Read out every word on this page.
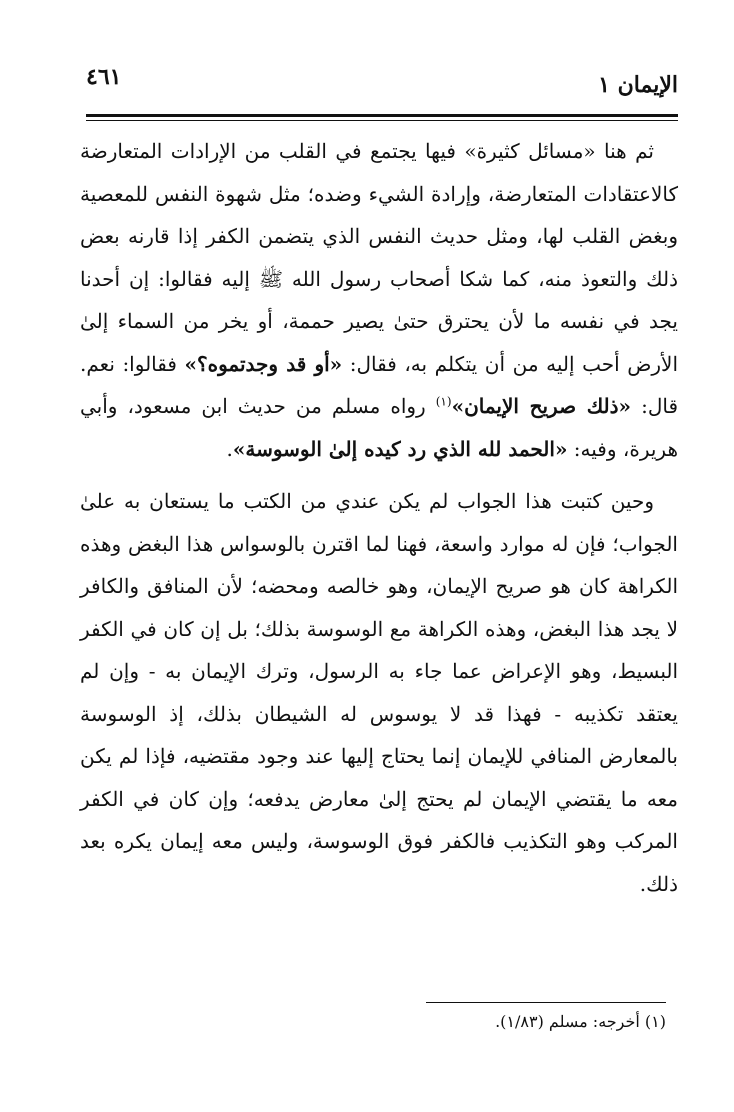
الإيمان ١
٤٦١

ثم هنا «مسائل كثيرة» فيها يجتمع في القلب من الإرادات المتعارضة كالاعتقادات المتعارضة، وإرادة الشيء وضده؛ مثل شهوة النفس للمعصية وبغض القلب لها، ومثل حديث النفس الذي يتضمن الكفر إذا قارنه بعض ذلك والتعوذ منه، كما شكا أصحاب رسول الله ﷺ إليه فقالوا: إن أحدنا يجد في نفسه ما لأن يحترق حتىٰ يصير حممة، أو يخر من السماء إلىٰ الأرض أحب إليه من أن يتكلم به، فقال: «أو قد وجدتموه؟» فقالوا: نعم. قال: «ذلك صريح الإيمان»$^{(١)}$ رواه مسلم من حديث ابن مسعود، وأبي هريرة، وفيه: «الحمد لله الذي رد كيده إلىٰ الوسوسة».

وحين كتبت هذا الجواب لم يكن عندي من الكتب ما يستعان به علىٰ الجواب؛ فإن له موارد واسعة، فهنا لما اقترن بالوسواس هذا البغض وهذه الكراهة كان هو صريح الإيمان، وهو خالصه ومحضه؛ لأن المنافق والكافر لا يجد هذا البغض، وهذه الكراهة مع الوسوسة بذلك؛ بل إن كان في الكفر البسيط، وهو الإعراض عما جاء به الرسول، وترك الإيمان به - وإن لم يعتقد تكذيبه - فهذا قد لا يوسوس له الشيطان بذلك، إذ الوسوسة بالمعارض المنافي للإيمان إنما يحتاج إليها عند وجود مقتضيه، فإذا لم يكن معه ما يقتضي الإيمان لم يحتج إلىٰ معارض يدفعه؛ وإن كان في الكفر المركب وهو التكذيب فالكفر فوق الوسوسة، وليس معه إيمان يكره بعد ذلك.

(١) أخرجه: مسلم (١/٨٣).
